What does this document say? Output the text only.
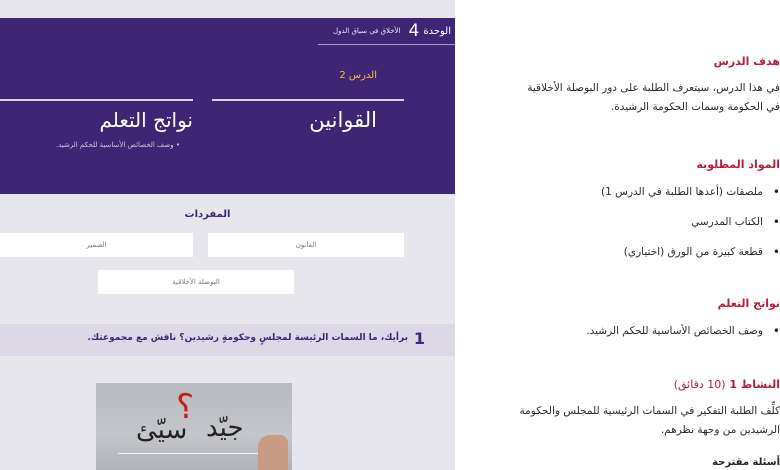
الوحدة
4
الأخلاق في سياق الدول
الدرس 2
القوانين
نواتج التعلم
• وصف الخصائص الأساسية للحكم الرشيد.
المفردات
القانون
الضمير
البوصلة الأخلاقية
1
برأيك، ما السمات الرئيسة لمجلسٍ وحكومةٍ رشيدين؟ ناقش مع مجموعتك.
؟
جيّد
سيّئ
هدف الدرس
في هذا الدرس، سيتعرف الطلبة على دور البوصلة الأخلاقية
في الحكومة وسمات الحكومة الرشيدة.
المواد المطلوبة
•
ملصقات (أعدها الطلبة في الدرس 1)
•
الكتاب المدرسي
•
قطعة كبيرة من الورق (اختياري)
نواتج التعلم
•
وصف الخصائص الأساسية للحكم الرشيد.
النشاط 1 (10 دقائق)
كلِّف الطلبة التفكير في السمات الرئيسية للمجلس والحكومة
الرشيدين من وجهة نظرهم.
أسئلة مقترحة
